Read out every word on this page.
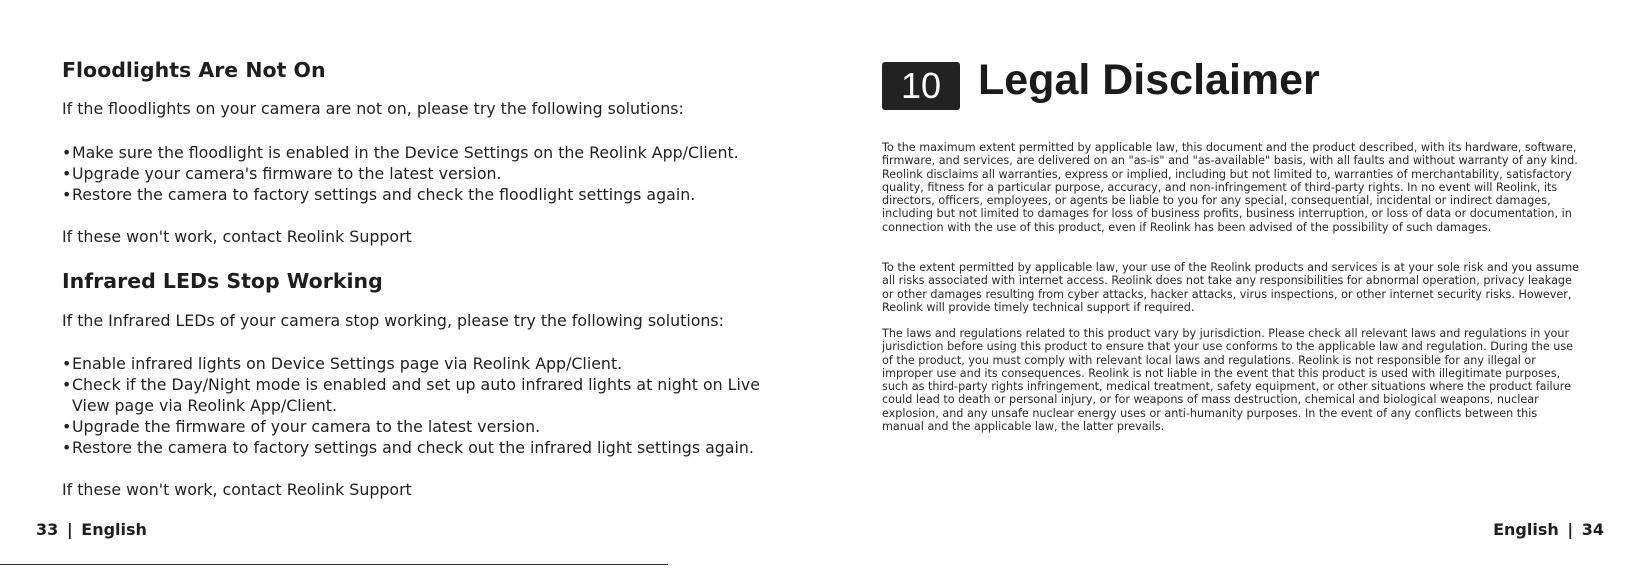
Floodlights Are Not On

If the floodlights on your camera are not on, please try the following solutions:

• Make sure the floodlight is enabled in the Device Settings on the Reolink App/Client.
• Upgrade your camera's firmware to the latest version.
• Restore the camera to factory settings and check the floodlight settings again.

If these won't work, contact Reolink Support

Infrared LEDs Stop Working

If the Infrared LEDs of your camera stop working, please try the following solutions:

• Enable infrared lights on Device Settings page via Reolink App/Client.
• Check if the Day/Night mode is enabled and set up auto infrared lights at night on Live View page via Reolink App/Client.
• Upgrade the firmware of your camera to the latest version.
• Restore the camera to factory settings and check out the infrared light settings again.

If these won't work, contact Reolink Support

33 | English
10 Legal Disclaimer

To the maximum extent permitted by applicable law, this document and the product described, with its hardware, software, firmware, and services, are delivered on an "as-is" and "as-available" basis, with all faults and without warranty of any kind. Reolink disclaims all warranties, express or implied, including but not limited to, warranties of merchantability, satisfactory quality, fitness for a particular purpose, accuracy, and non-infringement of third-party rights. In no event will Reolink, its directors, officers, employees, or agents be liable to you for any special, consequential, incidental or indirect damages, including but not limited to damages for loss of business profits, business interruption, or loss of data or documentation, in connection with the use of this product, even if Reolink has been advised of the possibility of such damages.

To the extent permitted by applicable law, your use of the Reolink products and services is at your sole risk and you assume all risks associated with internet access. Reolink does not take any responsibilities for abnormal operation, privacy leakage or other damages resulting from cyber attacks, hacker attacks, virus inspections, or other internet security risks. However, Reolink will provide timely technical support if required.

The laws and regulations related to this product vary by jurisdiction. Please check all relevant laws and regulations in your jurisdiction before using this product to ensure that your use conforms to the applicable law and regulation. During the use of the product, you must comply with relevant local laws and regulations. Reolink is not responsible for any illegal or improper use and its consequences. Reolink is not liable in the event that this product is used with illegitimate purposes, such as third-party rights infringement, medical treatment, safety equipment, or other situations where the product failure could lead to death or personal injury, or for weapons of mass destruction, chemical and biological weapons, nuclear explosion, and any unsafe nuclear energy uses or anti-humanity purposes. In the event of any conflicts between this manual and the applicable law, the latter prevails.

English | 34
